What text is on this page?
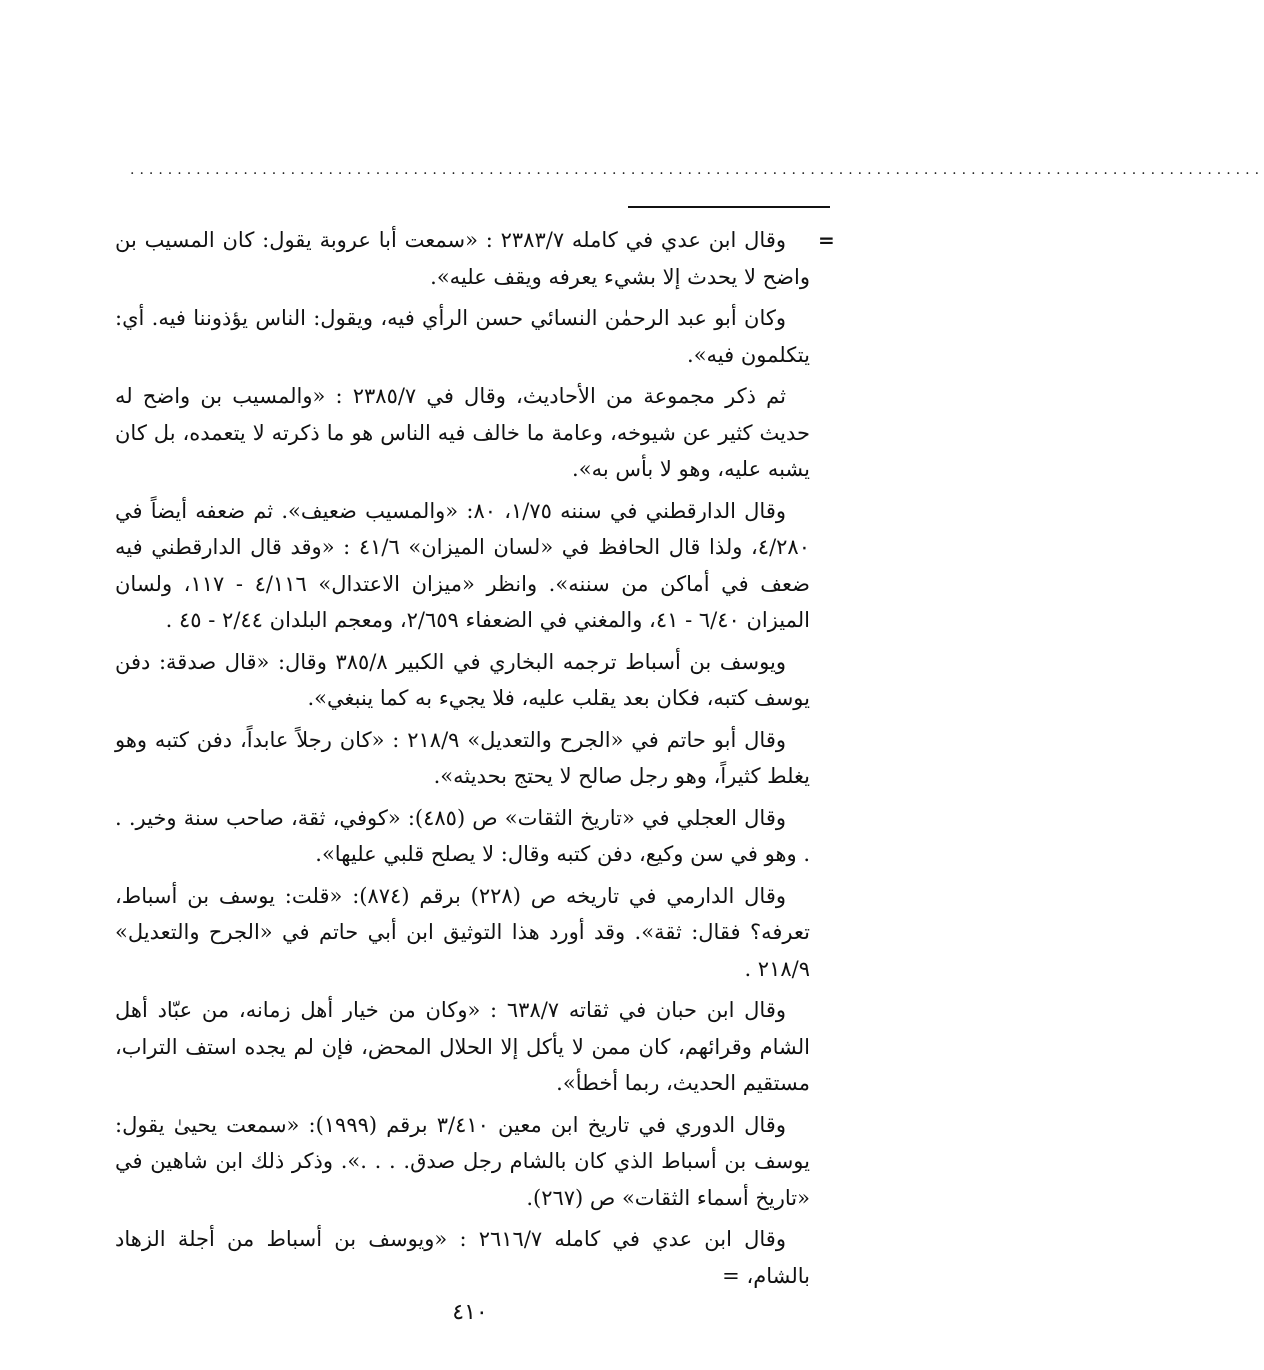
........................................................................................................................
=

وقال ابن عدي في كامله ٢٣٨٣/٧ : «سمعت أبا عروبة يقول: كان المسيب بن واضح لا يحدث إلا بشيء يعرفه ويقف عليه».

وكان أبو عبد الرحمٰن النسائي حسن الرأي فيه، ويقول: الناس يؤذوننا فيه. أي: يتكلمون فيه».

ثم ذكر مجموعة من الأحاديث، وقال في ٢٣٨٥/٧ : «والمسيب بن واضح له حديث كثير عن شيوخه، وعامة ما خالف فيه الناس هو ما ذكرته لا يتعمده، بل كان يشبه عليه، وهو لا بأس به».

وقال الدارقطني في سننه ١/٧٥، ٨٠: «والمسيب ضعيف». ثم ضعفه أيضاً في ٤/٢٨٠، ولذا قال الحافظ في «لسان الميزان» ٤١/٦ : «وقد قال الدارقطني فيه ضعف في أماكن من سننه». وانظر «ميزان الاعتدال» ٤/١١٦ - ١١٧، ولسان الميزان ٦/٤٠ - ٤١، والمغني في الضعفاء ٢/٦٥٩، ومعجم البلدان ٢/٤٤ - ٤٥ .

ويوسف بن أسباط ترجمه البخاري في الكبير ٣٨٥/٨ وقال: «قال صدقة: دفن يوسف كتبه، فكان بعد يقلب عليه، فلا يجيء به كما ينبغي».

وقال أبو حاتم في «الجرح والتعديل» ٢١٨/٩ : «كان رجلاً عابداً، دفن كتبه وهو يغلط كثيراً، وهو رجل صالح لا يحتج بحديثه».

وقال العجلي في «تاريخ الثقات» ص (٤٨٥): «كوفي، ثقة، صاحب سنة وخير. . . وهو في سن وكيع، دفن كتبه وقال: لا يصلح قلبي عليها».

وقال الدارمي في تاريخه ص (٢٢٨) برقم (٨٧٤): «قلت: يوسف بن أسباط، تعرفه؟ فقال: ثقة». وقد أورد هذا التوثيق ابن أبي حاتم في «الجرح والتعديل» ٢١٨/٩ .

وقال ابن حبان في ثقاته ٦٣٨/٧ : «وكان من خيار أهل زمانه، من عبّاد أهل الشام وقرائهم، كان ممن لا يأكل إلا الحلال المحض، فإن لم يجده استف التراب، مستقيم الحديث، ربما أخطأ».

وقال الدوري في تاريخ ابن معين ٣/٤١٠ برقم (١٩٩٩): «سمعت يحيىٰ يقول: يوسف بن أسباط الذي كان بالشام رجل صدق. . . .». وذكر ذلك ابن شاهين في «تاريخ أسماء الثقات» ص (٢٦٧).

وقال ابن عدي في كامله ٢٦١٦/٧ : «ويوسف بن أسباط من أجلة الزهاد بالشام، =

٤١٠
